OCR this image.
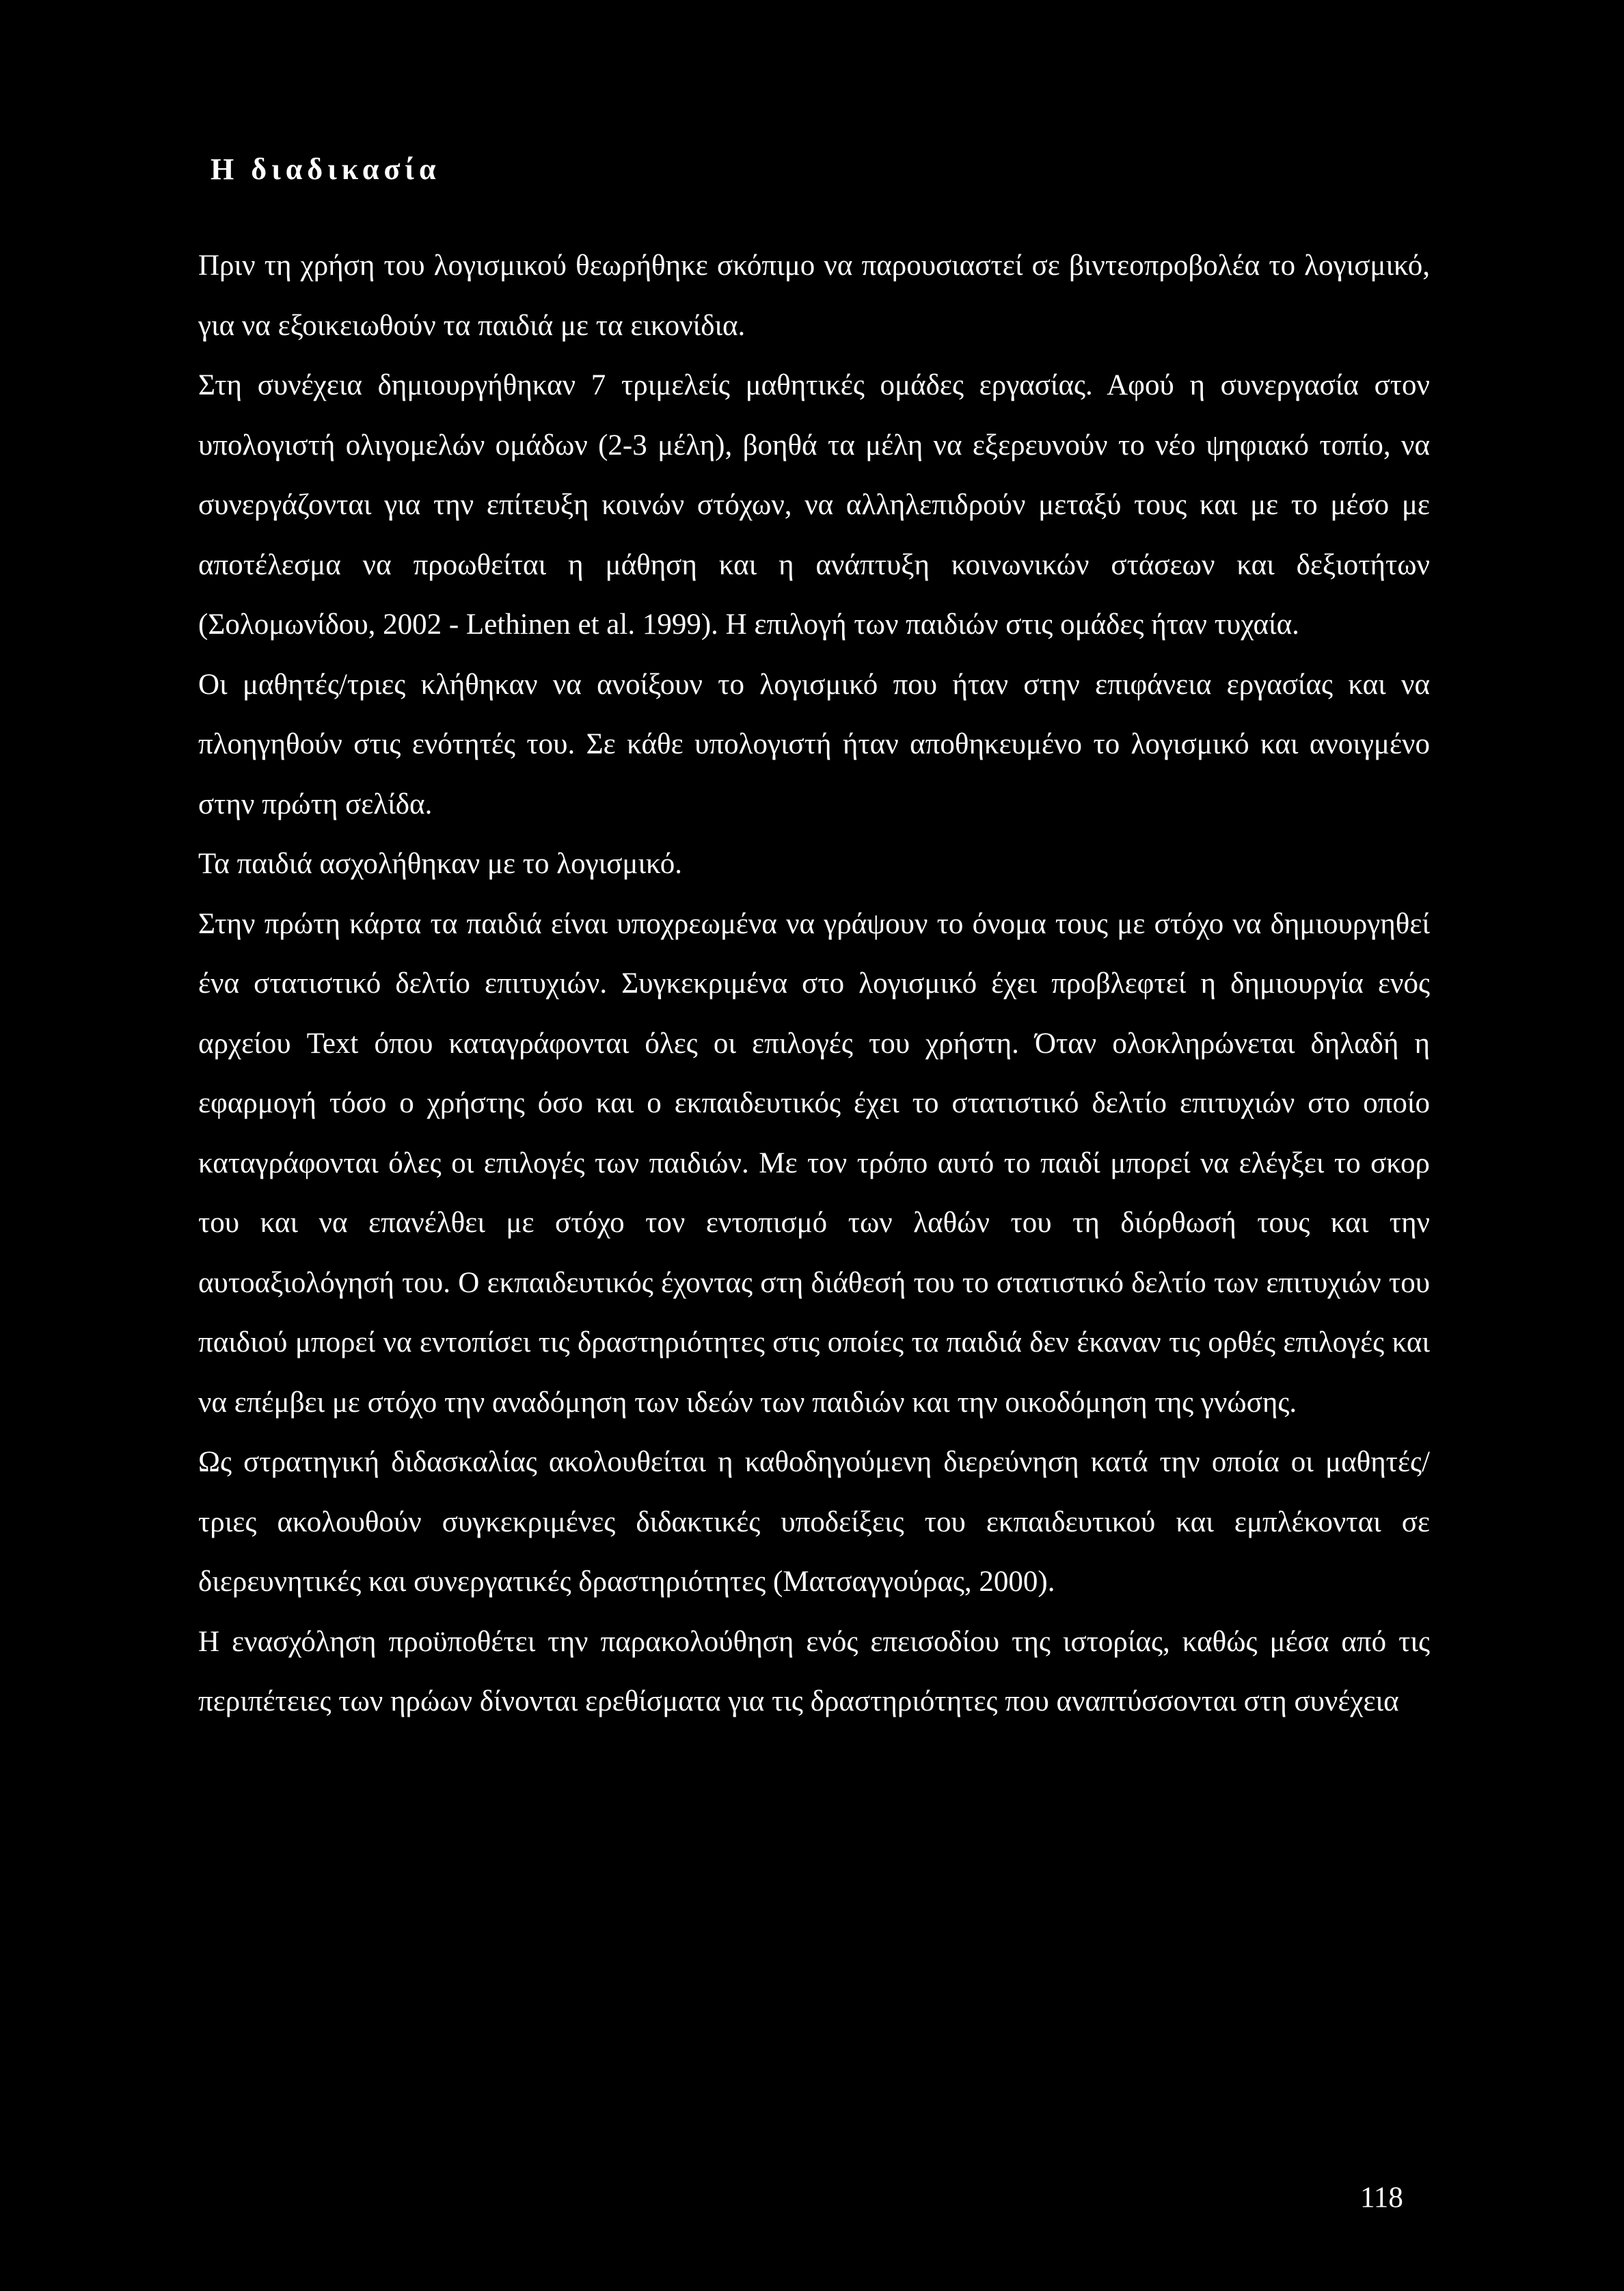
Η διαδικασία

Πριν τη χρήση του λογισμικού θεωρήθηκε σκόπιμο να παρουσιαστεί σε βιντεοπροβολέα το λογισμικό, για να εξοικειωθούν τα παιδιά με τα εικονίδια.

Στη συνέχεια δημιουργήθηκαν 7 τριμελείς μαθητικές ομάδες εργασίας. Αφού η συνεργασία στον υπολογιστή ολιγομελών ομάδων (2-3 μέλη), βοηθά τα μέλη να εξερευνούν το νέο ψηφιακό τοπίο, να συνεργάζονται για την επίτευξη κοινών στόχων, να αλληλεπιδρούν μεταξύ τους και με το μέσο με αποτέλεσμα να προωθείται η μάθηση και η ανάπτυξη κοινωνικών στάσεων και δεξιοτήτων (Σολομωνίδου, 2002 - Lethinen et al. 1999). Η επιλογή των παιδιών στις ομάδες ήταν τυχαία.

Οι μαθητές/τριες κλήθηκαν να ανοίξουν το λογισμικό που ήταν στην επιφάνεια εργασίας και να πλοηγηθούν στις ενότητές του. Σε κάθε υπολογιστή ήταν αποθηκευμένο το λογισμικό και ανοιγμένο στην πρώτη σελίδα.

Τα παιδιά ασχολήθηκαν με το λογισμικό.

Στην πρώτη κάρτα τα παιδιά είναι υποχρεωμένα να γράψουν το όνομα τους με στόχο να δημιουργηθεί ένα στατιστικό δελτίο επιτυχιών. Συγκεκριμένα στο λογισμικό έχει προβλεφτεί η δημιουργία ενός αρχείου Text όπου καταγράφονται όλες οι επιλογές του χρήστη. Όταν ολοκληρώνεται δηλαδή η εφαρμογή τόσο ο χρήστης όσο και ο εκπαιδευτικός έχει το στατιστικό δελτίο επιτυχιών στο οποίο καταγράφονται όλες οι επιλογές των παιδιών. Με τον τρόπο αυτό το παιδί μπορεί να ελέγξει το σκορ του και να επανέλθει με στόχο τον εντοπισμό των λαθών του τη διόρθωσή τους και την αυτοαξιολόγησή του. Ο εκπαιδευτικός έχοντας στη διάθεσή του το στατιστικό δελτίο των επιτυχιών του παιδιού μπορεί να εντοπίσει τις δραστηριότητες στις οποίες τα παιδιά δεν έκαναν τις ορθές επιλογές και να επέμβει με στόχο την αναδόμηση των ιδεών των παιδιών και την οικοδόμηση της γνώσης.

Ως στρατηγική διδασκαλίας ακολουθείται η καθοδηγούμενη διερεύνηση κατά την οποία οι μαθητές/τριες ακολουθούν συγκεκριμένες διδακτικές υποδείξεις του εκπαιδευτικού και εμπλέκονται σε διερευνητικές και συνεργατικές δραστηριότητες (Ματσαγγούρας, 2000).

Η ενασχόληση προϋποθέτει την παρακολούθηση ενός επεισοδίου της ιστορίας, καθώς μέσα από τις περιπέτειες των ηρώων δίνονται ερεθίσματα για τις δραστηριότητες που αναπτύσσονται στη συνέχεια

118
